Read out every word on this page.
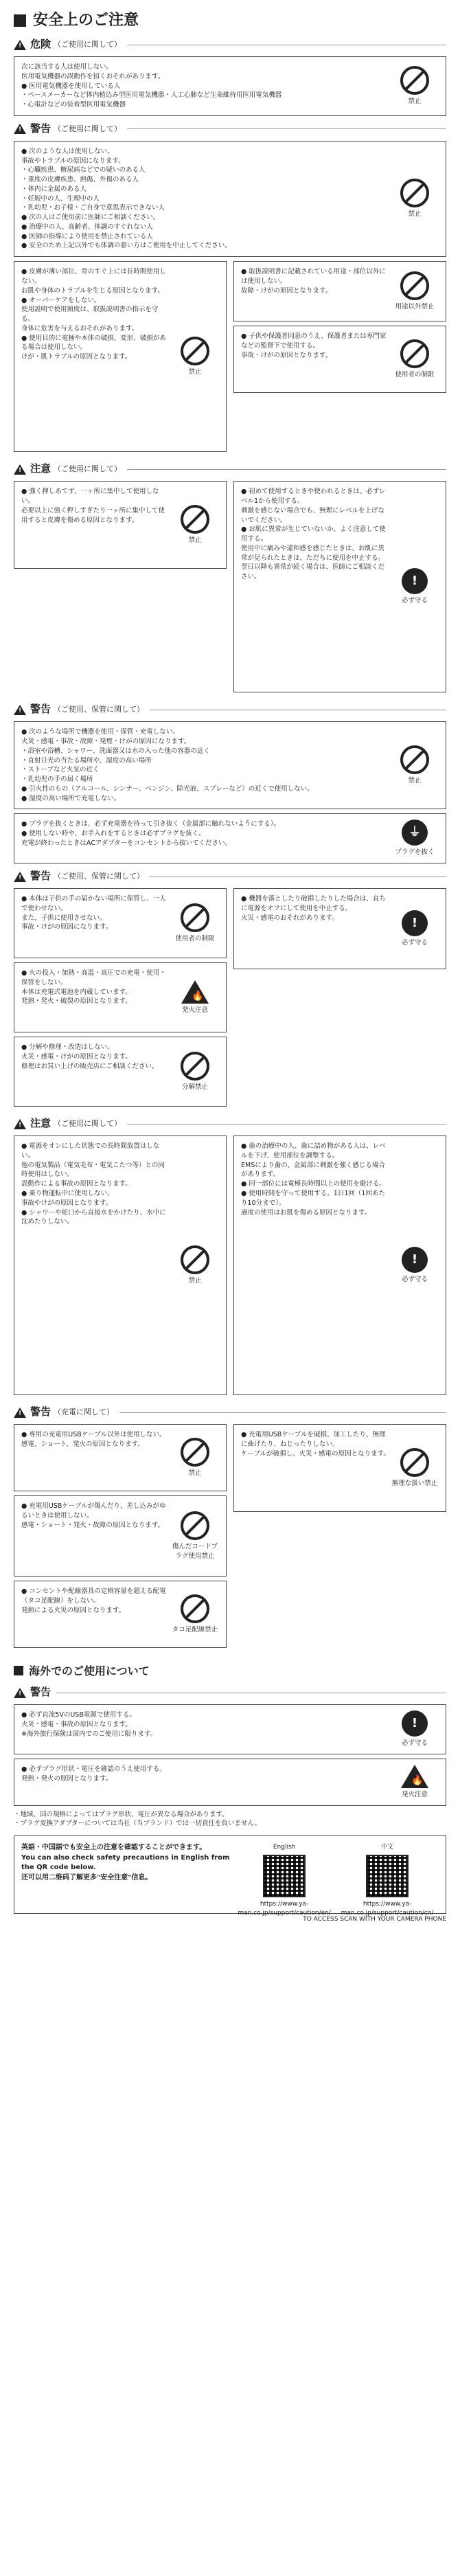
安全上のご注意
! 危険 （ご使用に関して）
次に該当する人は使用しない。
医用電気機器の誤動作を招くおそれがあります。
● 医用電気機器を使用している人
・ペースメーカーなど体内植込み型医用電気機器・人工心肺など生命維持用医用電気機器
・心電計などの装着型医用電気機器	禁止
! 警告 （ご使用に関して）
● 次のような人は使用しない。
事故やトラブルの原因になります。
・心臓疾患、糖尿病などでの疑いのある人
・重度の皮膚疾患、熱傷、外傷のある人
・体内に金属のある人
・妊娠中の人、生理中の人
・乳幼児・お子様・ご自身で意思表示できない人
● 次の人はご使用前に医師にご相談ください。
● 治療中の人、高齢者、体調のすぐれない人
● 医師の指導により使用を禁止されている人
● 安全のため上記以外でも体調の悪い方はご使用を中止してください。
禁止
● 皮膚が薄い部位、骨のすぐ上には長時間使用しない。
お肌や身体のトラブルを生じる原因となります。
● オーバーケアをしない。
使用説明で使用頻度は、取扱説明書の指示を守る。
身体に危害を与えるおそれがあります。
● 使用目的に電極や本体の破損、変形、破損がある場合は使用しない。
けが・肌トラブルの原因となります。
禁止
● 取扱説明書に記載されている用途・部位以外には使用しない。
故障・けがの原因となります。
用途以外禁止
● 子供や保護者同意のうえ、保護者または専門家などの監督下で使用する。
事故・けがの原因となります。
使用者の制限
! 注意 （ご使用に関して）
● 強く押しあてず、一ヶ所に集中して使用しない。
必要以上に強く押しすぎたり一ヶ所に集中して使用すると皮膚を傷める原因となります。
禁止
● 初めて使用するときや使われるときは、必ずレベル1から使用する。
刺激を感じない場合でも、無理にレベルを上げないでください。
● お肌に異常が生じていないか、よく注意して使用する。
使用中に痛みや違和感を感じたときは、お肌に異常が見られたときは、ただちに使用を中止する。
翌日以降も異常が続く場合は、医師にご相談ください。	!
必ず守る
! 警告 （ご使用、保管に関して）
● 次のような場所で機器を使用・保管・充電しない。
火災・感電・事故・故障・発煙・けがの原因になります。
・浴室や浴槽、シャワー、洗面器又は水の入った他の容器の近く
・直射日光の当たる場所や、湿度の高い場所
・ストーブなど火気の近く
・乳幼児の手の届く場所
● 引火性のもの（アルコール、シンナー、ベンジン、除光液、スプレーなど）の近くで使用しない。
● 湿度の高い場所で充電しない。
禁止
● プラグを抜くときは、必ず充電器を持って引き抜く（金属部に触れないようにする）。
● 使用しない時や、お手入れをするときは必ずプラグを抜く。
充電が終わったときはACアダプターをコンセントから抜いてください。
⏚
プラグを抜く
! 警告 （ご使用、保管に関して）
● 本体は子供の手の届かない場所に保管し、一人で使わせない。
また、子供に使用させない。
事故・けがの原因になります。
使用者の制限
● 火の投入・加熱・高温・高圧での充電・使用・保管をしない。
本体は充電式電池を内蔵しています。
発熱・発火・破裂の原因となります。
🔥
発火注意
● 分解や修理・改造はしない。
火災・感電・けがの原因となります。
修理はお買い上げの販売店にご相談ください。
分解禁止
● 機器を落としたり破損したりした場合は、直ちに電源をオフにして使用を中止する。
火災・感電のおそれがあります。	!
必ず守る
! 注意 （ご使用に関して）
● 電源をオンにした状態での長時間放置はしない。
他の電気製品（電気毛布・電気こたつ等）との同時使用はしない。
誤動作による事故の原因となります。
● 乗り物運転中に使用しない。
事故やけがの原因となります。
● シャワーや蛇口から直接水をかけたり、水中に沈めたりしない。
禁止
● 歯の治療中の人、歯に詰め物がある人は、レベルを下げ、使用部位を調整する。
EMSにより歯の、金属部に刺激を強く感じる場合があります。
● 同一部位には電極長時間以上の使用を避ける。
● 使用時間を守って使用する。1日1回（1回あたり10分まで）。
過度の使用はお肌を傷める原因となります。
!
必ず守る
! 警告 （充電に関して）
● 専用の充電用USBケーブル以外は使用しない。
感電、ショート、発火の原因となります。
禁止
● 充電用USBケーブルが傷んだり、差し込みがゆるいときは使用しない。
感電・ショート・発火・故障の原因となります。
傷んだコードプラグ使用禁止
● コンセントや配線器具の定格容量を超える配電（タコ足配線）をしない。
発熱による火災の原因となります。
タコ足配線禁止
● 充電用USBケーブルを破損、加工したり、無理に曲げたり、ねじったりしない。
ケーブルが破損し、火災・感電の原因となります。
無理な扱い禁止
海外でのご使用について
! 警告
● 必ず直流5VのUSB電源で使用する。
火災・感電・事故の原因となります。
※海外旅行保険は国内でのご使用に限ります。
!
必ず守る
● 必ずプラグ形状・電圧を確認のうえ使用する。
発熱・発火の原因となります。	🔥
発火注意
・地域、国の規格によってはプラグ形状、電圧が異なる場合があります。
・プラグ変換アダプターについては当社（当ブランド）では一切責任を負いません。
英語・中国語でも安全上の注意を確認することができます。
You can also check safety precautions in English from the QR code below.
还可以用二维码了解更多"安全注意"信息。
English
https://www.ya-man.co.jp/support/caution/en/
中文
https://www.ya-man.co.jp/support/caution/cn/
TO ACCESS SCAN WITH YOUR CAMERA PHONE
